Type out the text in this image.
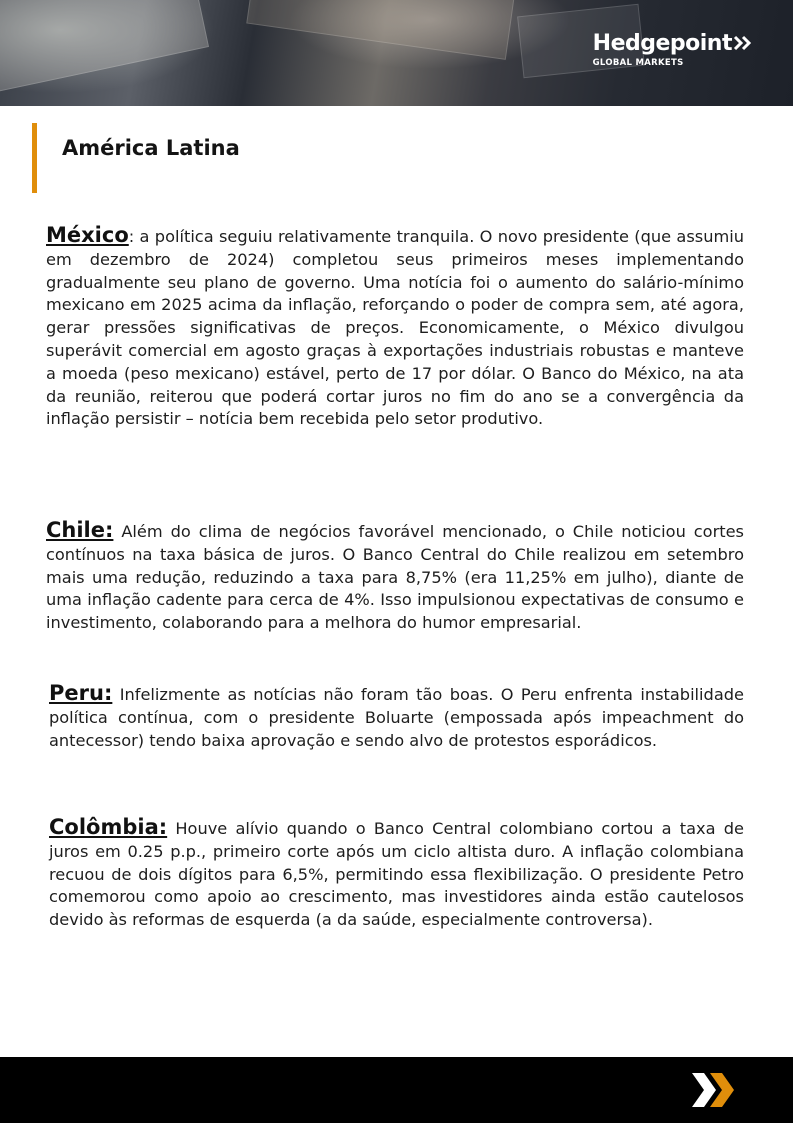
Hedgepoint
GLOBAL MARKETS
América Latina

México: a política seguiu relativamente tranquila. O novo presidente (que assumiu em dezembro de 2024) completou seus primeiros meses implementando gradualmente seu plano de governo. Uma notícia foi o aumento do salário-mínimo mexicano em 2025 acima da inflação, reforçando o poder de compra sem, até agora, gerar pressões significativas de preços. Economicamente, o México divulgou superávit comercial em agosto graças à exportações industriais robustas e manteve a moeda (peso mexicano) estável, perto de 17 por dólar. O Banco do México, na ata da reunião, reiterou que poderá cortar juros no fim do ano se a convergência da inflação persistir – notícia bem recebida pelo setor produtivo.

Chile: Além do clima de negócios favorável mencionado, o Chile noticiou cortes contínuos na taxa básica de juros. O Banco Central do Chile realizou em setembro mais uma redução, reduzindo a taxa para 8,75% (era 11,25% em julho), diante de uma inflação cadente para cerca de 4%. Isso impulsionou expectativas de consumo e investimento, colaborando para a melhora do humor empresarial.

Peru: Infelizmente as notícias não foram tão boas. O Peru enfrenta instabilidade política contínua, com o presidente Boluarte (empossada após impeachment do antecessor) tendo baixa aprovação e sendo alvo de protestos esporádicos.

Colômbia: Houve alívio quando o Banco Central colombiano cortou a taxa de juros em 0.25 p.p., primeiro corte após um ciclo altista duro. A inflação colombiana recuou de dois dígitos para 6,5%, permitindo essa flexibilização. O presidente Petro comemorou como apoio ao crescimento, mas investidores ainda estão cautelosos devido às reformas de esquerda (a da saúde, especialmente controversa).
